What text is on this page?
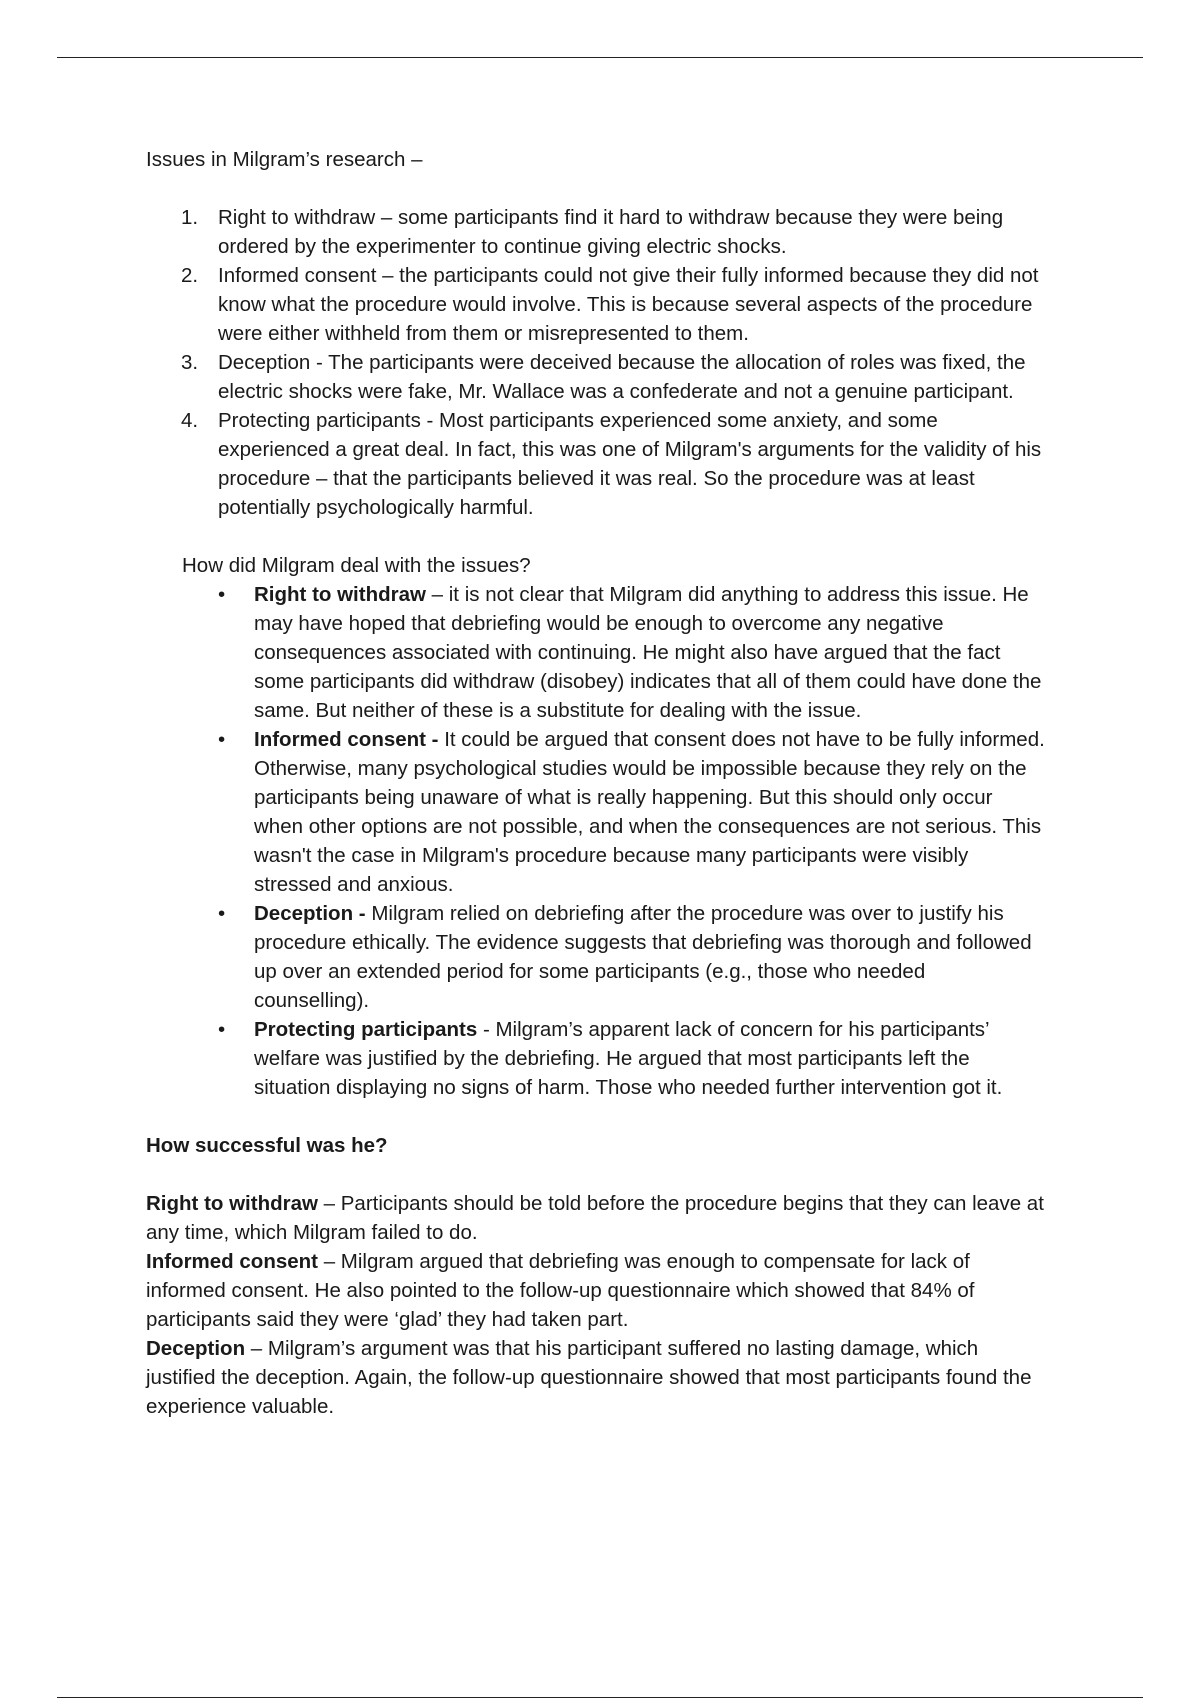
Issues in Milgram’s research –

1. Right to withdraw – some participants find it hard to withdraw because they were being ordered by the experimenter to continue giving electric shocks.
2. Informed consent – the participants could not give their fully informed because they did not know what the procedure would involve. This is because several aspects of the procedure were either withheld from them or misrepresented to them.
3. Deception - The participants were deceived because the allocation of roles was fixed, the electric shocks were fake, Mr. Wallace was a confederate and not a genuine participant.
4. Protecting participants - Most participants experienced some anxiety, and some experienced a great deal. In fact, this was one of Milgram's arguments for the validity of his procedure – that the participants believed it was real. So the procedure was at least potentially psychologically harmful.

How did Milgram deal with the issues?

• Right to withdraw – it is not clear that Milgram did anything to address this issue. He may have hoped that debriefing would be enough to overcome any negative consequences associated with continuing. He might also have argued that the fact some participants did withdraw (disobey) indicates that all of them could have done the same. But neither of these is a substitute for dealing with the issue.
• Informed consent - It could be argued that consent does not have to be fully informed. Otherwise, many psychological studies would be impossible because they rely on the participants being unaware of what is really happening. But this should only occur when other options are not possible, and when the consequences are not serious. This wasn't the case in Milgram's procedure because many participants were visibly stressed and anxious.
• Deception - Milgram relied on debriefing after the procedure was over to justify his procedure ethically. The evidence suggests that debriefing was thorough and followed up over an extended period for some participants (e.g., those who needed counselling).
• Protecting participants - Milgram’s apparent lack of concern for his participants’ welfare was justified by the debriefing. He argued that most participants left the situation displaying no signs of harm. Those who needed further intervention got it.

How successful was he?

Right to withdraw – Participants should be told before the procedure begins that they can leave at any time, which Milgram failed to do.

Informed consent – Milgram argued that debriefing was enough to compensate for lack of informed consent. He also pointed to the follow-up questionnaire which showed that 84% of participants said they were ‘glad’ they had taken part.

Deception – Milgram’s argument was that his participant suffered no lasting damage, which justified the deception. Again, the follow-up questionnaire showed that most participants found the experience valuable.
